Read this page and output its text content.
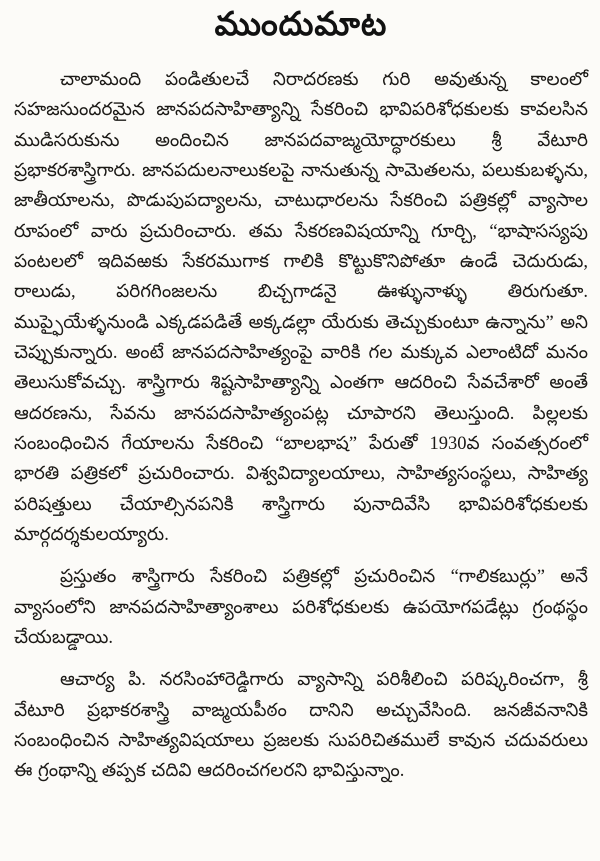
ముందుమాట

చాలామంది పండితులచే నిరాదరణకు గురి అవుతున్న కాలంలో సహజసుందరమైన జానపదసాహిత్యాన్ని సేకరించి భావిపరిశోధకులకు కావలసిన ముడిసరుకును అందించిన జానపదవాఙ్మయోద్ధారకులు శ్రీ వేటూరి ప్రభాకరశాస్త్రిగారు. జానపదులనాలుకలపై నానుతున్న సామెతలను, పలుకుబళ్ళను, జాతీయాలను, పొడుపుపద్యాలను, చాటుధారలను సేకరించి పత్రికల్లో వ్యాసాల రూపంలో వారు ప్రచురించారు. తమ సేకరణవిషయాన్ని గూర్చి, “భాషాసస్యపు పంటలలో ఇదివఱకు సేకరముగాక గాలికి కొట్టుకొనిపోతూ ఉండే చెదురుడు, రాలుడు, పరిగగింజలను బిచ్చగాడనై ఊళ్ళునాళ్ళు తిరుగుతూ. ముప్ఫైయేళ్ళనుండి ఎక్కడపడితే అక్కడల్లా యేరుకు తెచ్చుకుంటూ ఉన్నాను” అని చెప్పుకున్నారు. అంటే జానపదసాహిత్యంపై వారికి గల మక్కువ ఎలాంటిదో మనం తెలుసుకోవచ్చు. శాస్త్రిగారు శిష్టసాహిత్యాన్ని ఎంతగా ఆదరించి సేవచేశారో అంతే ఆదరణను, సేవను జానపదసాహిత్యంపట్ల చూపారని తెలుస్తుంది. పిల్లలకు సంబంధించిన గేయాలను సేకరించి “బాలభాష” పేరుతో 1930వ సంవత్సరంలో భారతి పత్రికలో ప్రచురించారు. విశ్వవిద్యాలయాలు, సాహిత్యసంస్థలు, సాహిత్య పరిషత్తులు చేయాల్సినపనికి శాస్త్రిగారు పునాదివేసి భావిపరిశోధకులకు మార్గదర్శకులయ్యారు.

ప్రస్తుతం శాస్త్రిగారు సేకరించి పత్రికల్లో ప్రచురించిన “గాలికబుర్లు” అనే వ్యాసంలోని జానపదసాహిత్యాంశాలు పరిశోధకులకు ఉపయోగపడేట్లు గ్రంథస్థం చేయబడ్డాయి.

ఆచార్య పి. నరసింహారెడ్డిగారు వ్యాసాన్ని పరిశీలించి పరిష్కరించగా, శ్రీ వేటూరి ప్రభాకరశాస్త్రి వాఙ్మయపీఠం దానిని అచ్చువేసింది. జనజీవనానికి సంబంధించిన సాహిత్యవిషయాలు ప్రజలకు సుపరిచితములే కావున చదువరులు ఈ గ్రంథాన్ని తప్పక చదివి ఆదరించగలరని భావిస్తున్నాం.
